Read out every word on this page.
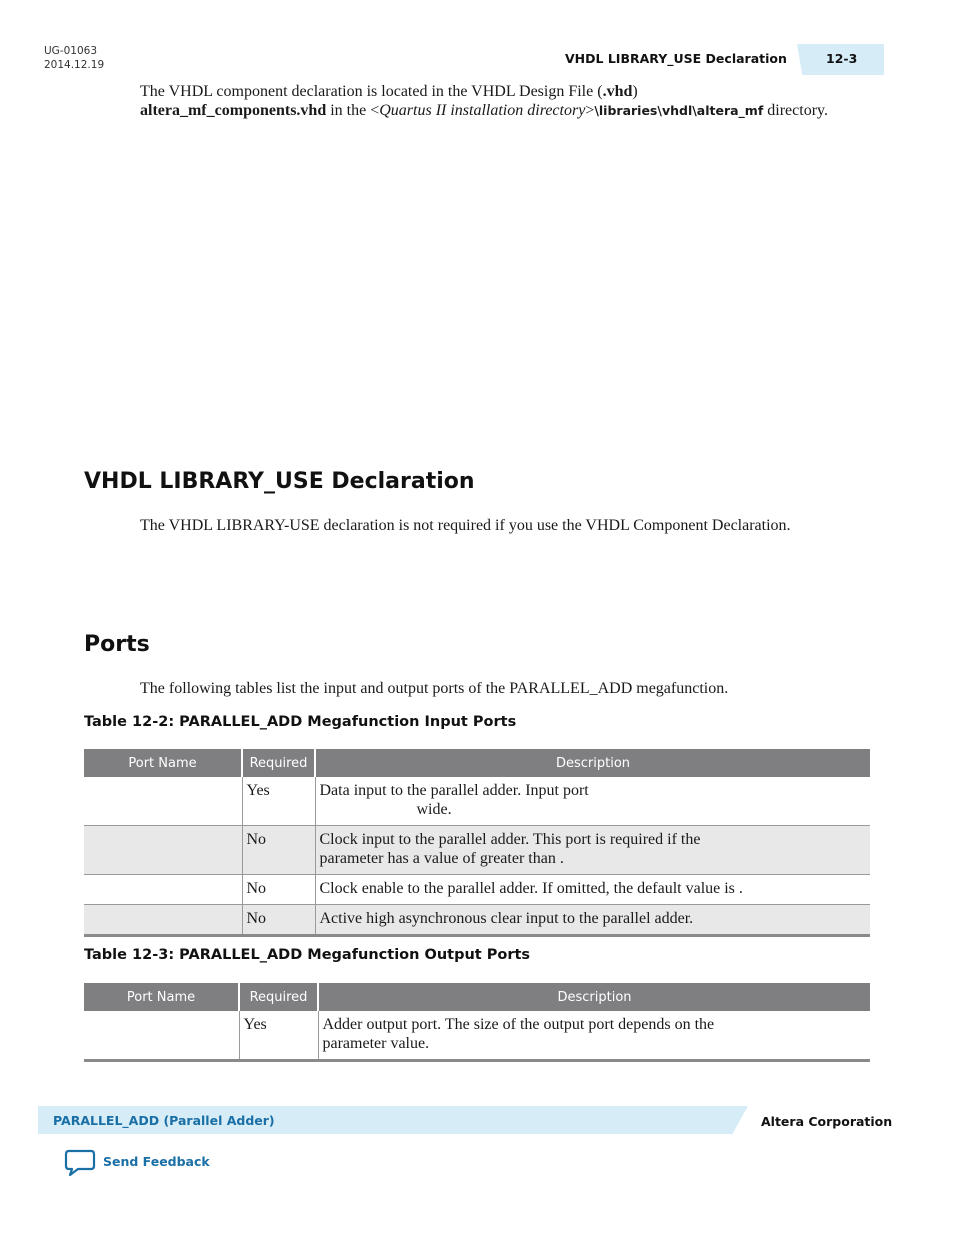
UG-01063
2014.12.19	VHDL LIBRARY_USE Declaration	12-3
The VHDL component declaration is located in the VHDL Design File (.vhd)
altera_mf_components.vhd in the <Quartus II installation directory>\libraries\vhdl\altera_mf directory.
VHDL LIBRARY_USE Declaration
The VHDL LIBRARY-USE declaration is not required if you use the VHDL Component Declaration.
Ports
The following tables list the input and output ports of the PARALLEL_ADD megafunction.
Table 12-2: PARALLEL_ADD Megafunction Input Ports
Port Name	Required	Description
	Yes	Data input to the parallel adder. Input port
wide.

	No	Clock input to the parallel adder. This port is required if the
parameter has a value of greater than .

	No	Clock enable to the parallel adder. If omitted, the default value is .
	No	Active high asynchronous clear input to the parallel adder.
Table 12-3: PARALLEL_ADD Megafunction Output Ports
Port Name	Required	Description
	Yes	Adder output port. The size of the output port depends on the
parameter value.
PARALLEL_ADD (Parallel Adder)	Altera Corporation
Send Feedback
